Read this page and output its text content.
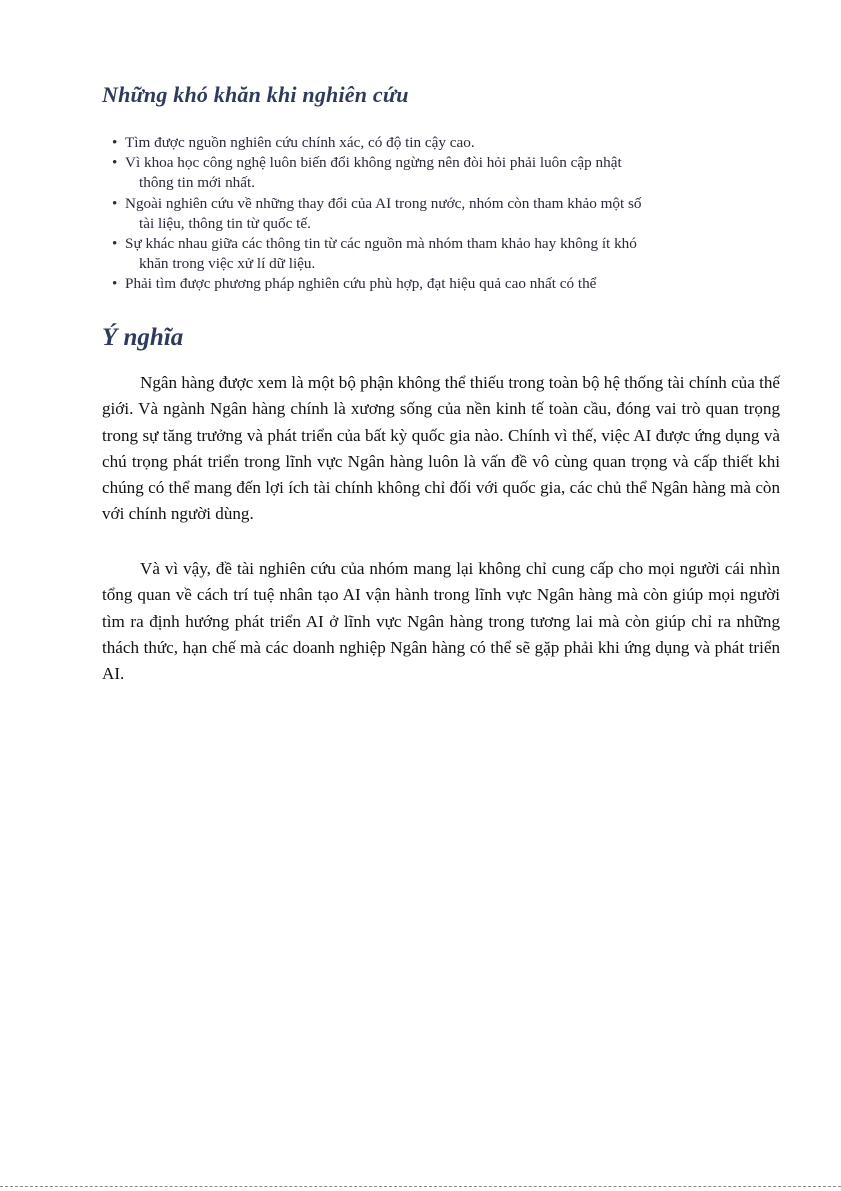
Những khó khăn khi nghiên cứu
• Tìm được nguồn nghiên cứu chính xác, có độ tin cậy cao.
• Vì khoa học công nghệ luôn biến đổi không ngừng nên đòi hỏi phải luôn cập nhật
thông tin mới nhất.
• Ngoài nghiên cứu về những thay đổi của AI trong nước, nhóm còn tham khảo một số
tài liệu, thông tin từ quốc tế.
• Sự khác nhau giữa các thông tin từ các nguồn mà nhóm tham khảo hay không ít khó
khăn trong việc xử lí dữ liệu.
• Phải tìm được phương pháp nghiên cứu phù hợp, đạt hiệu quả cao nhất có thể
Ý nghĩa

Ngân hàng được xem là một bộ phận không thể thiếu trong toàn bộ hệ thống tài chính của thế giới. Và ngành Ngân hàng chính là xương sống của nền kinh tế toàn cầu, đóng vai trò quan trọng trong sự tăng trưởng và phát triển của bất kỳ quốc gia nào. Chính vì thế, việc AI được ứng dụng và chú trọng phát triển trong lĩnh vực Ngân hàng luôn là vấn đề vô cùng quan trọng và cấp thiết khi chúng có thể mang đến lợi ích tài chính không chỉ đối với quốc gia, các chủ thể Ngân hàng mà còn với chính người dùng.

Và vì vậy, đề tài nghiên cứu của nhóm mang lại không chỉ cung cấp cho mọi người cái nhìn tổng quan về cách trí tuệ nhân tạo AI vận hành trong lĩnh vực Ngân hàng mà còn giúp mọi người tìm ra định hướng phát triển AI ở lĩnh vực Ngân hàng trong tương lai mà còn giúp chỉ ra những thách thức, hạn chế mà các doanh nghiệp Ngân hàng có thể sẽ gặp phải khi ứng dụng và phát triển AI.
